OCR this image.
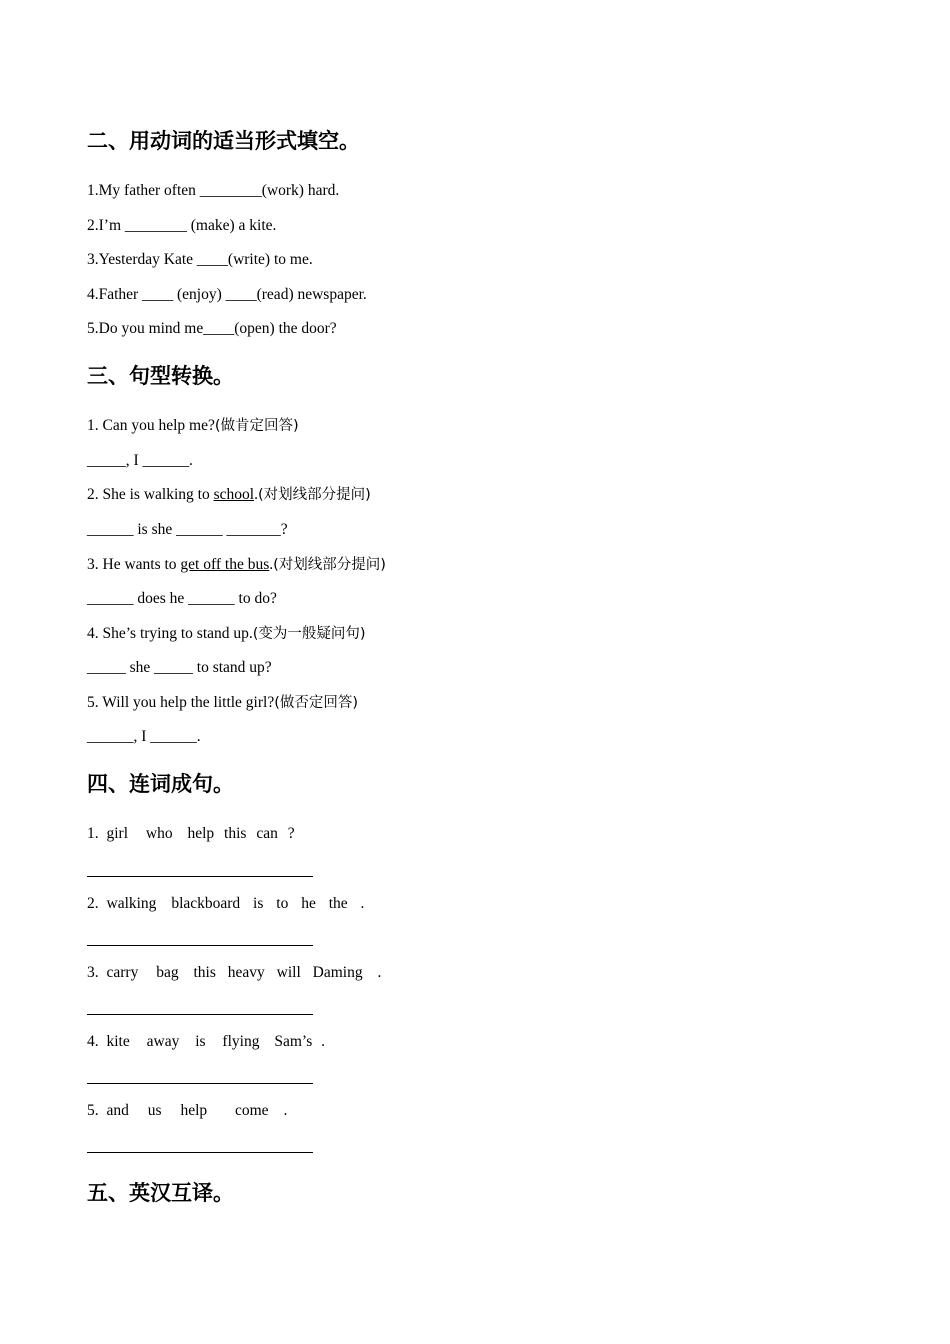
二、用动词的适当形式填空。
1.My father often ________(work) hard.
2.I’m ________ (make) a kite.
3.Yesterday Kate ____(write) to me.
4.Father ____ (enjoy) ____(read) newspaper.
5.Do you mind me____(open) the door?
三、句型转换。
1. Can you help me?(做肯定回答)
_____, I ______.
2. She is walking to school.(对划线部分提问)
______ is she ______ _______?
3. He wants to get off the bus.(对划线部分提问)
______ does he ______ to do?
4. She’s trying to stand up.(变为一般疑问句)
_____ she _____ to stand up?
5. Will you help the little girl?(做否定回答)
______, I ______.
四、连词成句。
1. girl who help this can ?
2. walking blackboard is to he the .
3. carry bag this heavy will Daming .
4. kite away is flying Sam’s .
5. and us help come .
五、英汉互译。
